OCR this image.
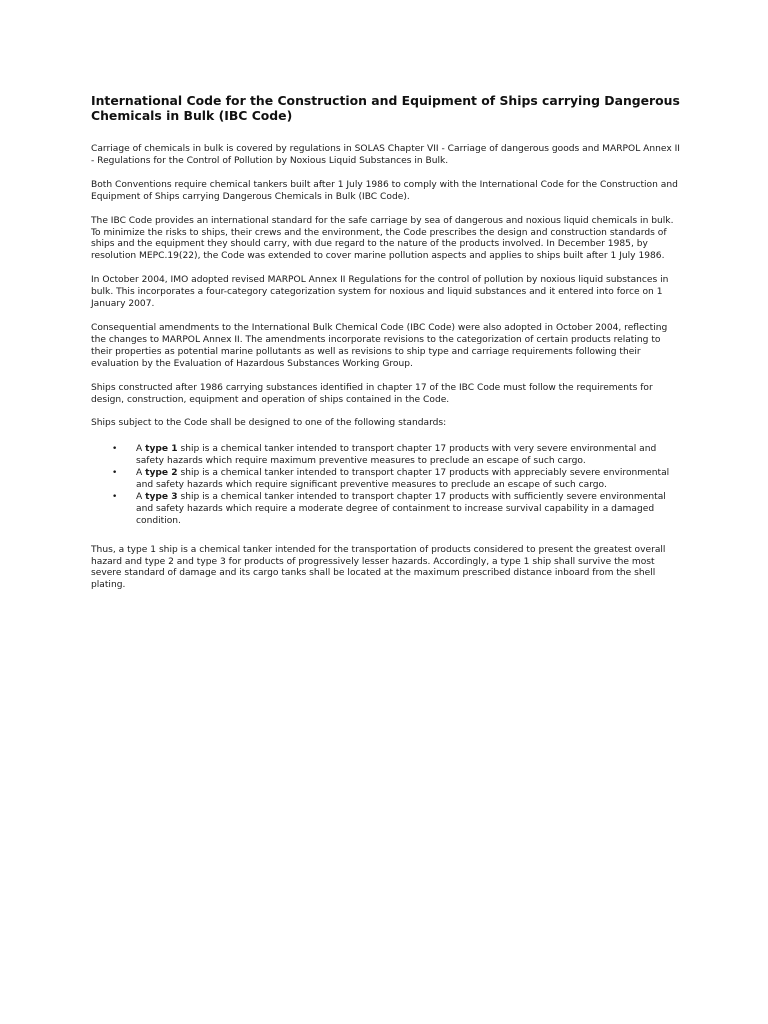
International Code for the Construction and Equipment of Ships carrying Dangerous Chemicals in Bulk (IBC Code)

Carriage of chemicals in bulk is covered by regulations in SOLAS Chapter VII - Carriage of dangerous goods and MARPOL Annex II - Regulations for the Control of Pollution by Noxious Liquid Substances in Bulk.

Both Conventions require chemical tankers built after 1 July 1986 to comply with the International Code for the Construction and Equipment of Ships carrying Dangerous Chemicals in Bulk (IBC Code).

The IBC Code provides an international standard for the safe carriage by sea of dangerous and noxious liquid chemicals in bulk. To minimize the risks to ships, their crews and the environment, the Code prescribes the design and construction standards of ships and the equipment they should carry, with due regard to the nature of the products involved. In December 1985, by resolution MEPC.19(22), the Code was extended to cover marine pollution aspects and applies to ships built after 1 July 1986.

In October 2004, IMO adopted revised MARPOL Annex II Regulations for the control of pollution by noxious liquid substances in bulk. This incorporates a four-category categorization system for noxious and liquid substances and it entered into force on 1 January 2007.

Consequential amendments to the International Bulk Chemical Code (IBC Code) were also adopted in October 2004, reflecting the changes to MARPOL Annex II. The amendments incorporate revisions to the categorization of certain products relating to their properties as potential marine pollutants as well as revisions to ship type and carriage requirements following their evaluation by the Evaluation of Hazardous Substances Working Group.

Ships constructed after 1986 carrying substances identified in chapter 17 of the IBC Code must follow the requirements for design, construction, equipment and operation of ships contained in the Code.

Ships subject to the Code shall be designed to one of the following standards:

• A type 1 ship is a chemical tanker intended to transport chapter 17 products with very severe environmental and safety hazards which require maximum preventive measures to preclude an escape of such cargo.
• A type 2 ship is a chemical tanker intended to transport chapter 17 products with appreciably severe environmental and safety hazards which require significant preventive measures to preclude an escape of such cargo.
• A type 3 ship is a chemical tanker intended to transport chapter 17 products with sufficiently severe environmental and safety hazards which require a moderate degree of containment to increase survival capability in a damaged condition.

Thus, a type 1 ship is a chemical tanker intended for the transportation of products considered to present the greatest overall hazard and type 2 and type 3 for products of progressively lesser hazards. Accordingly, a type 1 ship shall survive the most severe standard of damage and its cargo tanks shall be located at the maximum prescribed distance inboard from the shell plating.
